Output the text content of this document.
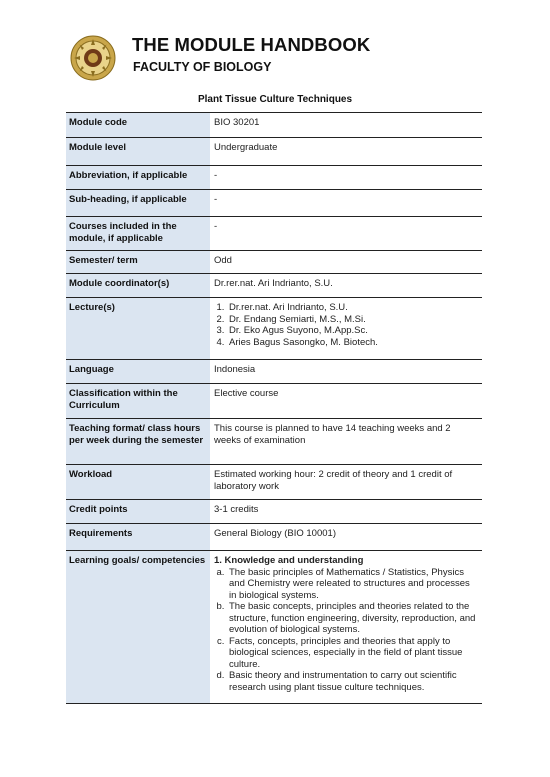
THE MODULE HANDBOOK
FACULTY OF BIOLOGY
Plant Tissue Culture Techniques
Module code	BIO 30201
Module level	Undergraduate
Abbreviation, if applicable	-
Sub-heading, if applicable	-
Courses included in the module, if applicable
-
Semester/ term	Odd
Module coordinator(s)	Dr.rer.nat. Ari Indrianto, S.U.
Lecture(s)
1.	Dr.rer.nat. Ari Indrianto, S.U.
2. Dr. Endang Semiarti, M.S., M.Si.
3. Dr. Eko Agus Suyono, M.App.Sc.
4. Aries Bagus Sasongko, M. Biotech.
Language	Indonesia
Classification within the Curriculum
Elective course
Teaching format/ class hours per week during the semester
This course is planned to have 14 teaching weeks and 2 weeks of examination
Workload	Estimated working hour: 2 credit of theory and 1 credit of laboratory work
Credit points	3-1 credits
Requirements	General Biology (BIO 10001)
Learning goals/ competencies 1. Knowledge and understanding
a. The basic principles of Mathematics / Statistics, Physics and Chemistry were releated to structures and processes in biological systems.
b. The basic concepts, principles and theories related to the structure, function engineering, diversity, reproduction, and evolution of biological systems.
c. Facts, concepts, principles and theories that apply to biological sciences, especially in the field of plant tissue culture.
d. Basic theory and instrumentation to carry out scientific research using plant tissue culture techniques.
